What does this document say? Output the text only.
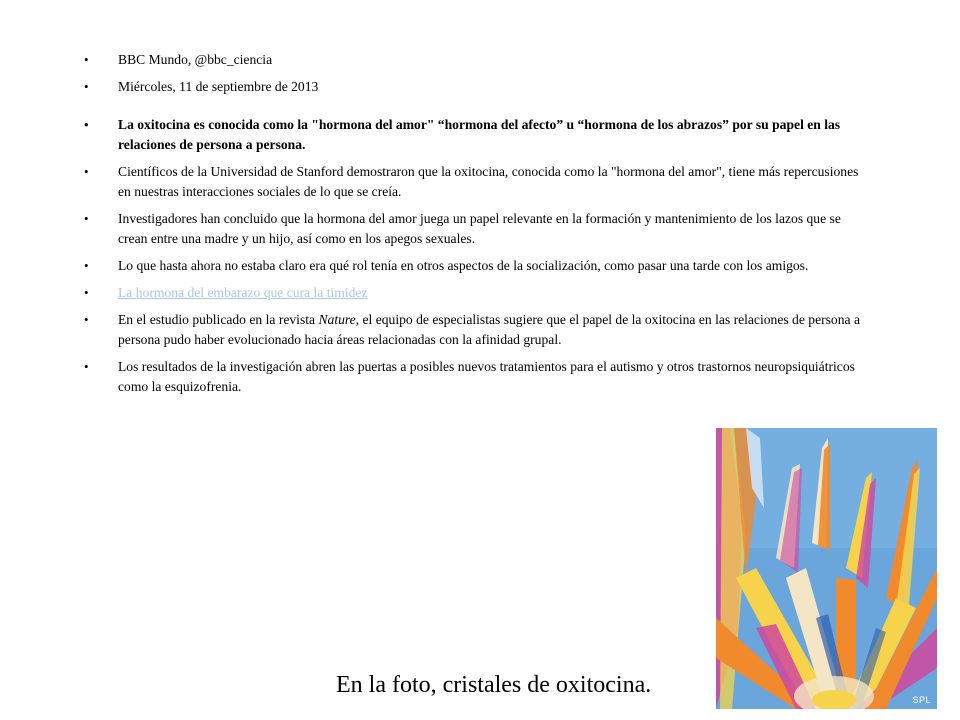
• BBC Mundo, @bbc_ciencia
• Miércoles, 11 de septiembre de 2013
• La oxitocina es conocida como la "hormona del amor" “hormona del afecto” u “hormona de los abrazos” por su papel en las relaciones de persona a persona.
• Científicos de la Universidad de Stanford demostraron que la oxitocina, conocida como la "hormona del amor", tiene más repercusiones en nuestras interacciones sociales de lo que se creía.
• Investigadores han concluido que la hormona del amor juega un papel relevante en la formación y mantenimiento de los lazos que se crean entre una madre y un hijo, así como en los apegos sexuales.
• Lo que hasta ahora no estaba claro era qué rol tenía en otros aspectos de la socialización, como pasar una tarde con los amigos.
• La hormona del embarazo que cura la timidez
• En el estudio publicado en la revista Nature, el equipo de especialistas sugiere que el papel de la oxitocina en las relaciones de persona a persona pudo haber evolucionado hacia áreas relacionadas con la afinidad grupal.
• Los resultados de la investigación abren las puertas a posibles nuevos tratamientos para el autismo y otros trastornos neuropsiquiátricos como la esquizofrenia.
SPL
En la foto, cristales de oxitocina.
